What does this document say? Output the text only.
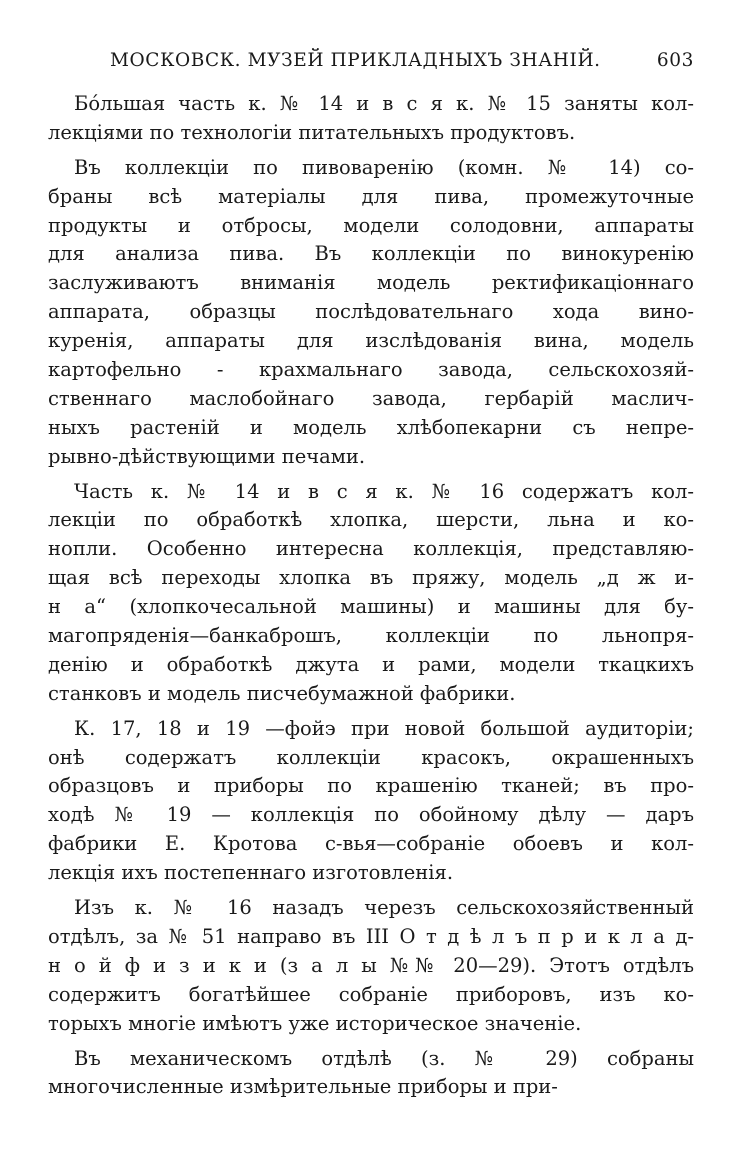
МОСКОВСК. МУЗЕЙ ПРИКЛАДНЫХЪ ЗНАНІЙ.	603
Бóльшая часть к. № 14 и в с я к. № 15 заняты кол-
лекціями по технологіи питательныхъ продуктовъ.
Въ коллекціи по пивоваренію (комн. № 14) со-
браны всѣ матеріалы для пива, промежуточные
продукты и отбросы, модели солодовни, аппараты
для анализа пива. Въ коллекціи по винокуренію
заслуживаютъ вниманія модель ректификаціоннаго
аппарата, образцы послѣдовательнаго хода вино-
куренія, аппараты для изслѣдованія вина, модель
картофельно - крахмальнаго завода, сельскохозяй-
ственнаго маслобойнаго завода, гербарій маслич-
ныхъ растеній и модель хлѣбопекарни съ непре-
рывно-дѣйствующими печами.
Часть к. № 14 и в с я к. № 16 содержатъ кол-
лекціи по обработкѣ хлопка, шерсти, льна и ко-
нопли. Особенно интересна коллекція, представляю-
щая всѣ переходы хлопка въ пряжу, модель „д ж и-
н а“ (хлопкочесальной машины) и машины для бу-
магопряденія—банкаброшъ, коллекціи по льнопря-
денію и обработкѣ джута и рами, модели ткацкихъ
станковъ и модель писчебумажной фабрики.
К. 17, 18 и 19 —фойэ при новой большой аудиторіи;
онѣ содержатъ коллекціи красокъ, окрашенныхъ
образцовъ и приборы по крашенію тканей; въ про-
ходѣ № 19 — коллекція по обойному дѣлу — даръ
фабрики Е. Кротова с-вья—собраніе обоевъ и кол-
лекція ихъ постепеннаго изготовленія.
Изъ к. № 16 назадъ черезъ сельскохозяйственный
отдѣлъ, за № 51 направо въ III О т д ѣ л ъ п р и к л а д-
н о й ф и з и к и (з а л ы №№ 20—29). Этотъ отдѣлъ
содержитъ богатѣйшее собраніе приборовъ, изъ ко-
торыхъ многіе имѣютъ уже историческое значеніе.
Въ механическомъ отдѣлѣ (з. № 29) собраны
многочисленные измѣрительные приборы и при-
